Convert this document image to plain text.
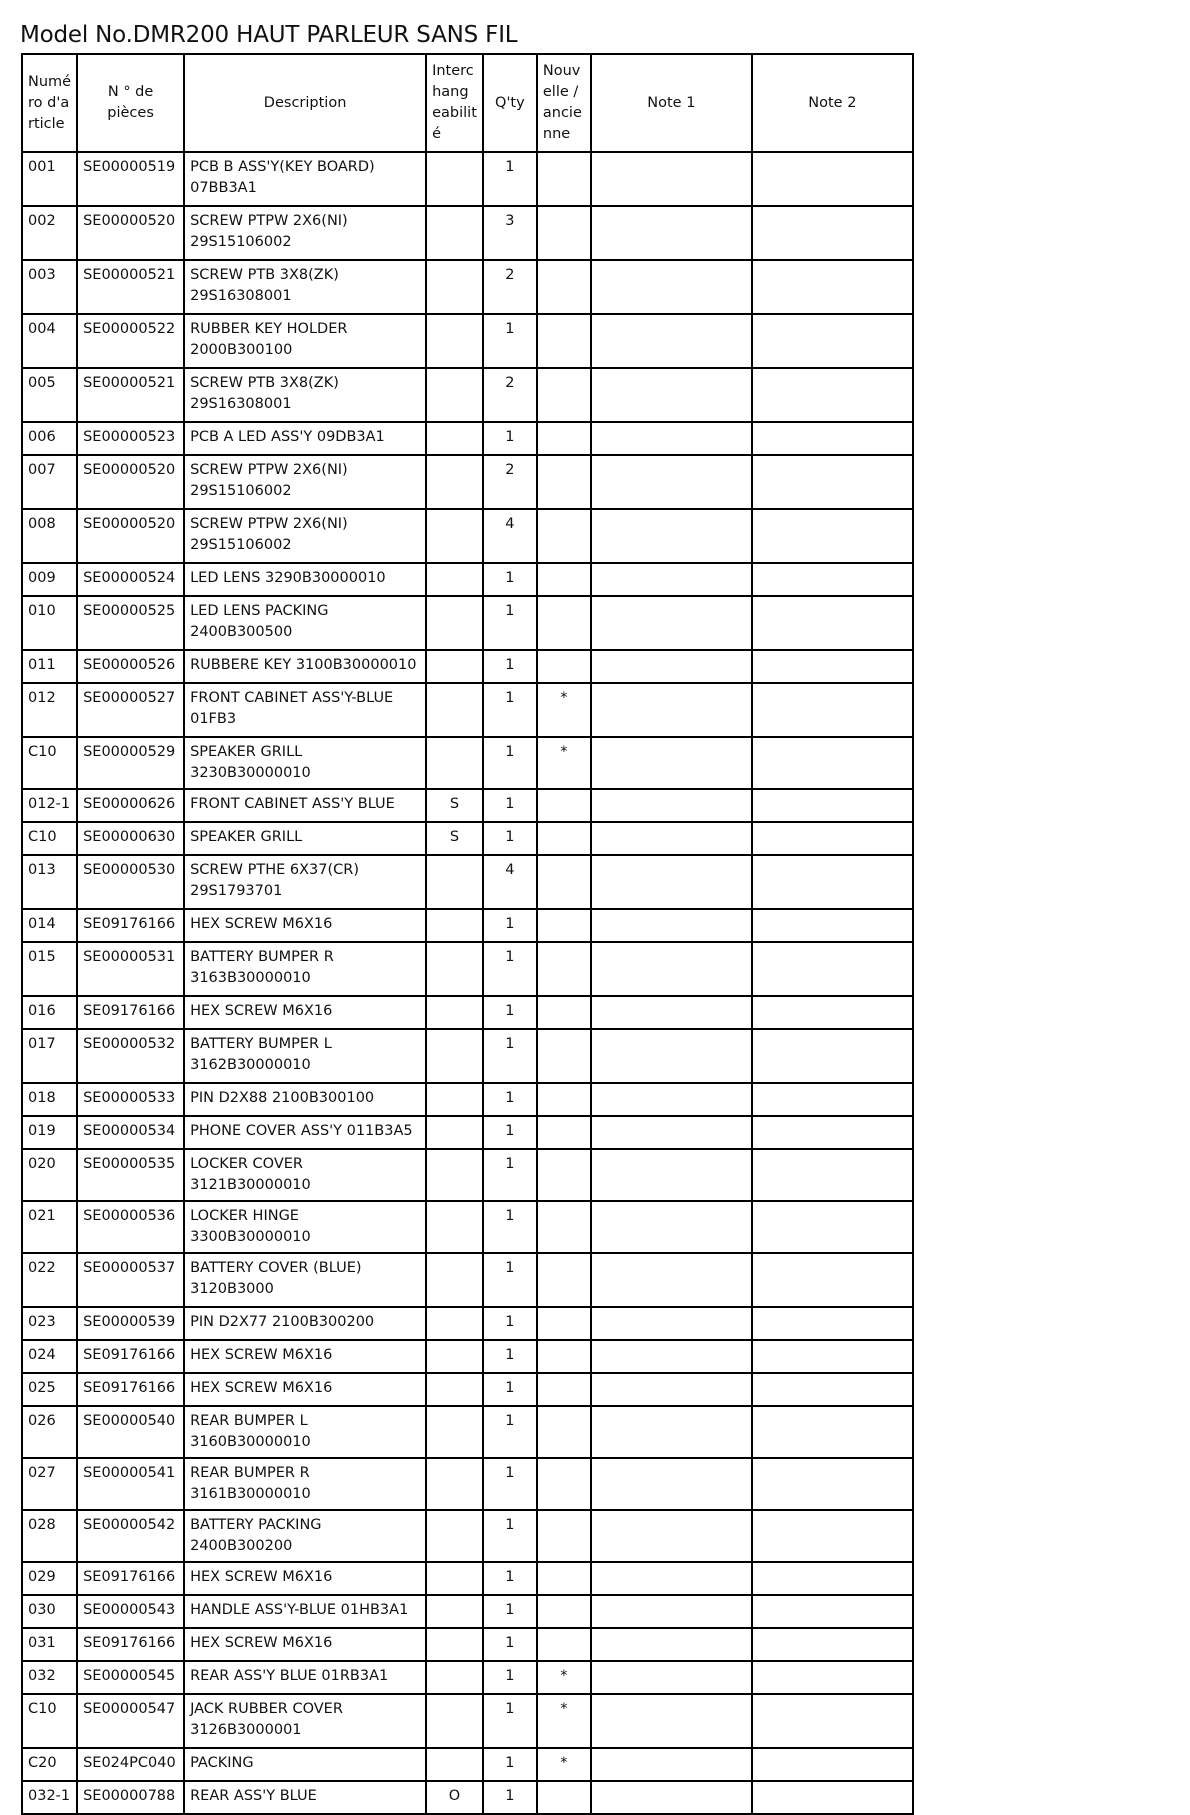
Model No.DMR200 HAUT PARLEUR SANS FIL
Numé ro d'a rticle	N ° de pièces	Description	Interc hang eabilit é	Q'ty	Nouv elle / ancie nne	Note 1	Note 2
001	SE00000519	PCB B ASS'Y(KEY BOARD) 07BB3A1		1			
002	SE00000520	SCREW PTPW 2X6(NI) 29S15106002		3			
003	SE00000521	SCREW PTB 3X8(ZK) 29S16308001		2			
004	SE00000522	RUBBER KEY HOLDER 2000B300100		1			
005	SE00000521	SCREW PTB 3X8(ZK) 29S16308001		2			
006	SE00000523	PCB A LED ASS'Y 09DB3A1		1			
007	SE00000520	SCREW PTPW 2X6(NI) 29S15106002		2			
008	SE00000520	SCREW PTPW 2X6(NI) 29S15106002		4			
009	SE00000524	LED LENS 3290B30000010		1			
010	SE00000525	LED LENS PACKING 2400B300500		1			
011	SE00000526	RUBBERE KEY 3100B30000010		1			
012	SE00000527	FRONT CABINET ASS'Y-BLUE 01FB3		1	*		
C10	SE00000529	SPEAKER GRILL 3230B30000010		1	*		
012-1	SE00000626	FRONT CABINET ASS'Y BLUE	S	1			
C10	SE00000630	SPEAKER GRILL	S	1			
013	SE00000530	SCREW PTHE 6X37(CR) 29S1793701		4			
014	SE09176166	HEX SCREW M6X16		1			
015	SE00000531	BATTERY BUMPER R 3163B30000010		1			
016	SE09176166	HEX SCREW M6X16		1			
017	SE00000532	BATTERY BUMPER L 3162B30000010		1			
018	SE00000533	PIN D2X88 2100B300100		1			
019	SE00000534	PHONE COVER ASS'Y 011B3A5		1			
020	SE00000535	LOCKER COVER 3121B30000010		1			
021	SE00000536	LOCKER HINGE 3300B30000010		1			
022	SE00000537	BATTERY COVER (BLUE) 3120B3000		1			
023	SE00000539	PIN D2X77 2100B300200		1			
024	SE09176166	HEX SCREW M6X16		1			
025	SE09176166	HEX SCREW M6X16		1			
026	SE00000540	REAR BUMPER L 3160B30000010		1			
027	SE00000541	REAR BUMPER R 3161B30000010		1			
028	SE00000542	BATTERY PACKING 2400B300200		1			
029	SE09176166	HEX SCREW M6X16		1			
030	SE00000543	HANDLE ASS'Y-BLUE 01HB3A1		1			
031	SE09176166	HEX SCREW M6X16		1			
032	SE00000545	REAR ASS'Y BLUE 01RB3A1		1	*		
C10	SE00000547	JACK RUBBER COVER 3126B3000001		1	*		
C20	SE024PC040	PACKING		1	*		
032-1	SE00000788	REAR ASS'Y BLUE	O	1			
